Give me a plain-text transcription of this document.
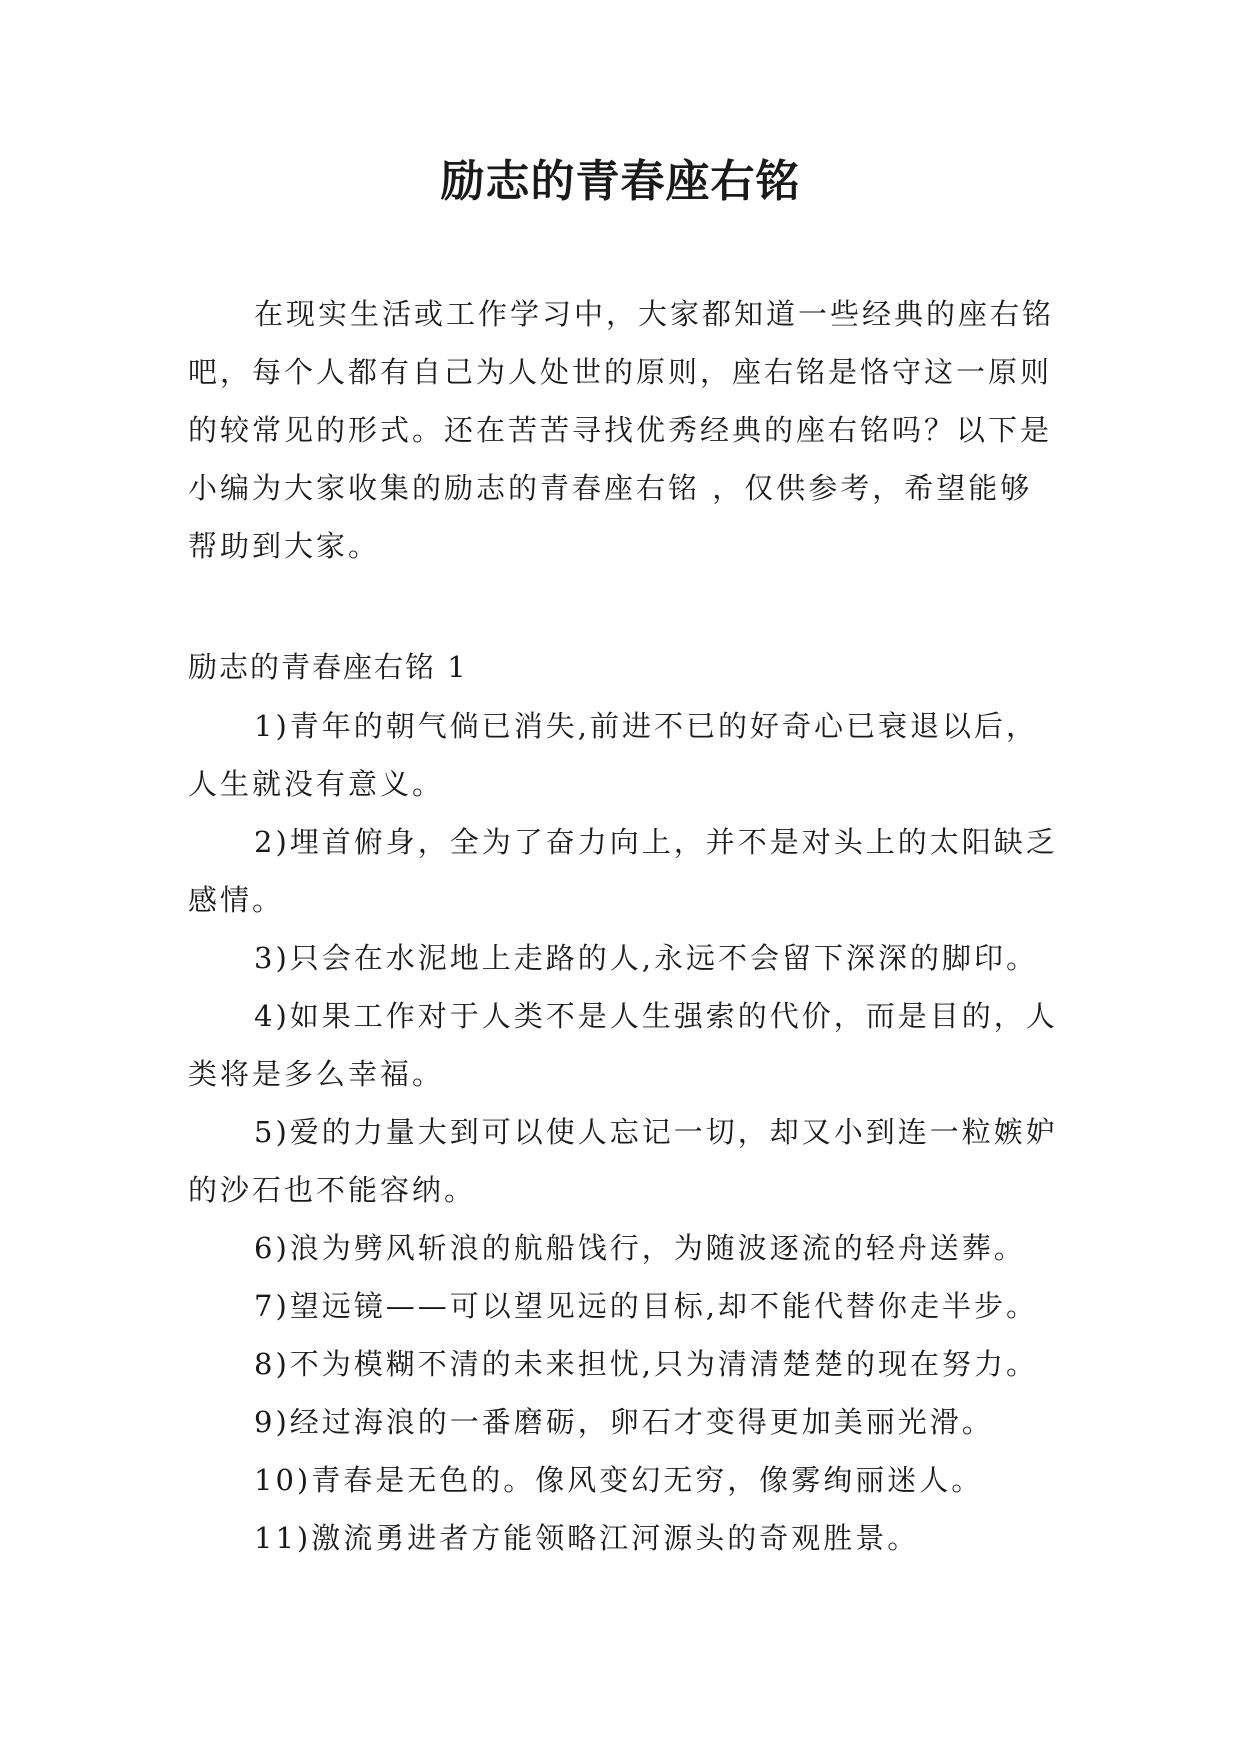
励志的青春座右铭

在现实生活或工作学习中，大家都知道一些经典的座右铭吧，每个人都有自己为人处世的原则，座右铭是恪守这一原则的较常见的形式。还在苦苦寻找优秀经典的座右铭吗？以下是小编为大家收集的励志的青春座右铭 ，仅供参考，希望能够帮助到大家。

励志的青春座右铭 1
1)青年的朝气倘已消失,前进不已的好奇心已衰退以后，人生就没有意义。
2)埋首俯身，全为了奋力向上，并不是对头上的太阳缺乏感情。
3)只会在水泥地上走路的人,永远不会留下深深的脚印。
4)如果工作对于人类不是人生强索的代价，而是目的，人类将是多么幸福。
5)爱的力量大到可以使人忘记一切，却又小到连一粒嫉妒的沙石也不能容纳。
6)浪为劈风斩浪的航船饯行，为随波逐流的轻舟送葬。
7)望远镜——可以望见远的目标,却不能代替你走半步。
8)不为模糊不清的未来担忧,只为清清楚楚的现在努力。
9)经过海浪的一番磨砺，卵石才变得更加美丽光滑。
10)青春是无色的。像风变幻无穷，像雾绚丽迷人。
11)激流勇进者方能领略江河源头的奇观胜景。
